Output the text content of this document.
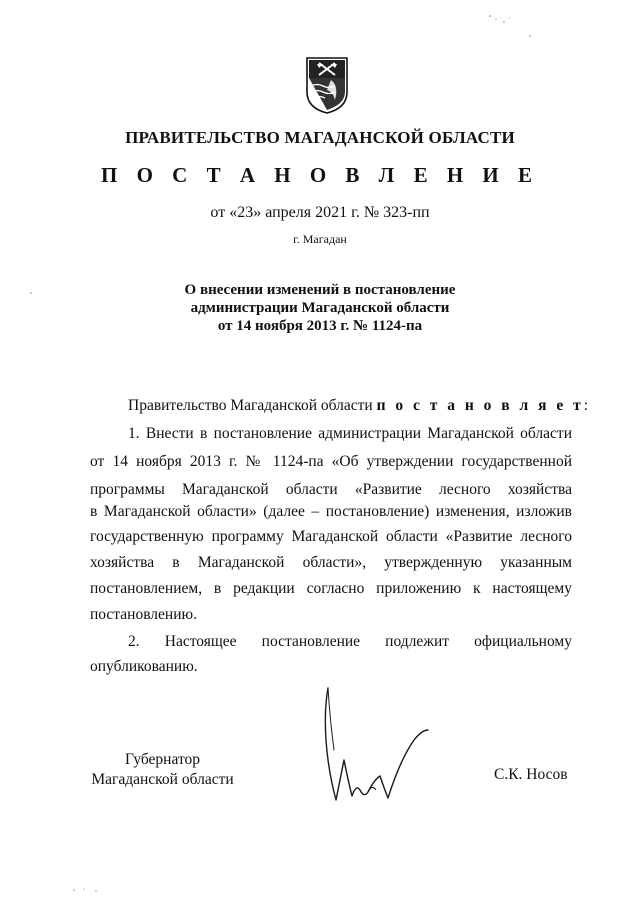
ПРАВИТЕЛЬСТВО МАГАДАНСКОЙ ОБЛАСТИ
П О С Т А Н О В Л Е Н И Е
от «23» апреля 2021 г. № 323-пп
г. Магадан
О внесении изменений в постановление
администрации Магаданской области
от 14 ноября 2013 г. № 1124-па
Правительство Магаданской области п о с т а н о в л я е т:
1. Внести в постановление администрации Магаданской области
от 14 ноября 2013 г. № 1124-па «Об утверждении государственной
программы Магаданской области «Развитие лесного хозяйства
в Магаданской области» (далее – постановление) изменения, изложив
государственную программу Магаданской области «Развитие лесного
хозяйства в Магаданской области», утвержденную указанным
постановлением, в редакции согласно приложению к настоящему
постановлению.
2. Настоящее постановление подлежит официальному
опубликованию.
Губернатор
Магаданской области	С.К. Носов
